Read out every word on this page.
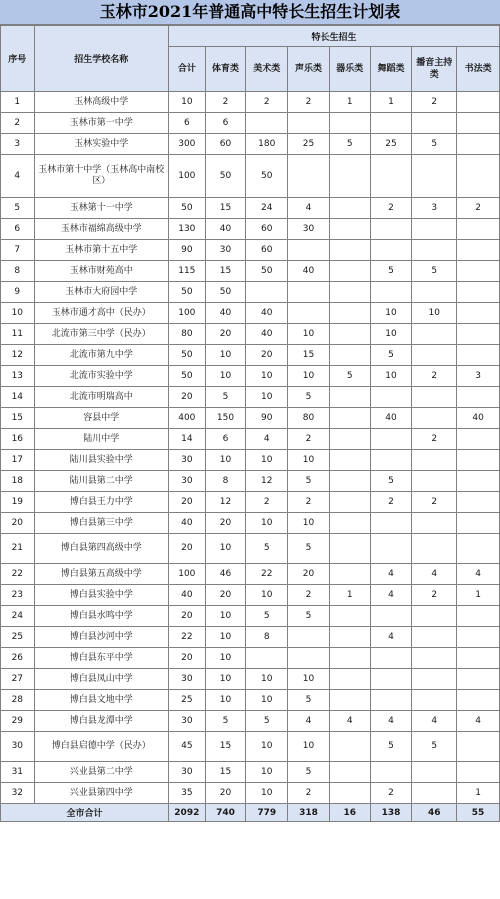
玉林市2021年普通高中特长生招生计划表
序号	招生学校名称	特长生招生							
		合计	体育类	美术类	声乐类	器乐类	舞蹈类	播音主持类	书法类
1	玉林高级中学	10	2	2	2	1	1	2	
2	玉林市第一中学	6	6						
3	玉林实验中学	300	60	180	25	5	25	5	
4	玉林市第十中学（玉林高中南校区）	100	50	50					
5	玉林第十一中学	50	15	24	4		2	3	2
6	玉林市福绵高级中学	130	40	60	30				
7	玉林市第十五中学	90	30	60					
8	玉林市财苑高中	115	15	50	40		5	5	
9	玉林市大府园中学	50	50						
10	玉林市通才高中（民办）	100	40	40			10	10	
11	北流市第三中学（民办）	80	20	40	10		10		
12	北流市第九中学	50	10	20	15		5		
13	北流市实验中学	50	10	10	10	5	10	2	3
14	北流市明瑞高中	20	5	10	5				
15	容县中学	400	150	90	80		40		40
16	陆川中学	14	6	4	2			2	
17	陆川县实验中学	30	10	10	10				
18	陆川县第二中学	30	8	12	5		5		
19	博白县王力中学	20	12	2	2		2	2	
20	博白县第三中学	40	20	10	10				
21	博白县第四高级中学	20	10	5	5				
22	博白县第五高级中学	100	46	22	20		4	4	4
23	博白县实验中学	40	20	10	2	1	4	2	1
24	博白县水鸣中学	20	10	5	5				
25	博白县沙河中学	22	10	8			4		
26	博白县东平中学	20	10						
27	博白县凤山中学	30	10	10	10				
28	博白县文地中学	25	10	10	5				
29	博白县龙潭中学	30	5	5	4	4	4	4	4
30	博白县启德中学（民办）	45	15	10	10		5	5	
31	兴业县第二中学	30	15	10	5				
32	兴业县第四中学	35	20	10	2		2		1
全市合计		2092	740	779	318	16	138	46	55
